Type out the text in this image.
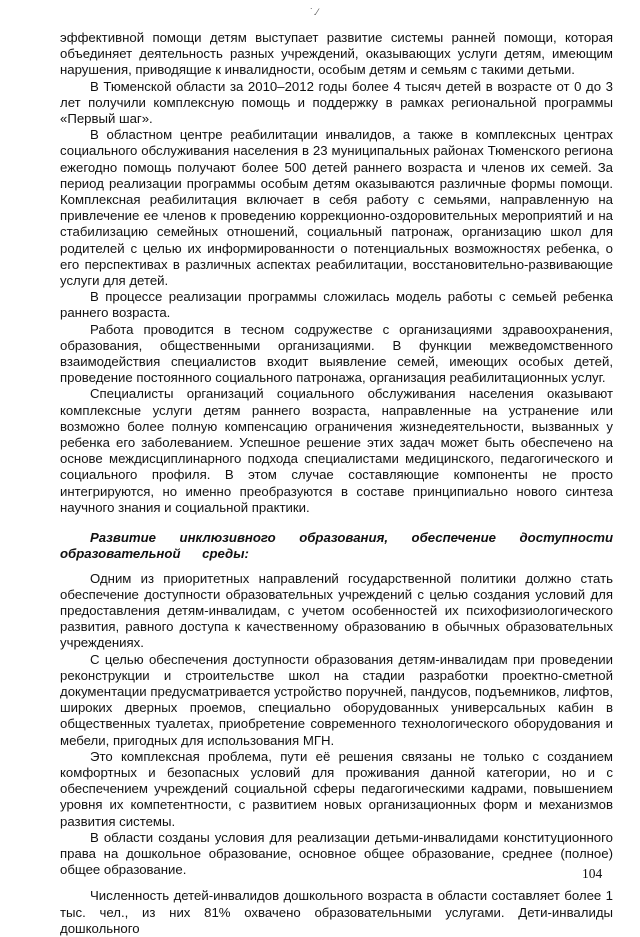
˙.⁄

эффективной помощи детям выступает развитие системы ранней помощи, которая объединяет деятельность разных учреждений, оказывающих услуги детям, имеющим нарушения, приводящие к инвалидности, особым детям и семьям с такими детьми.

В Тюменской области за 2010–2012 годы более 4 тысяч детей в возрасте от 0 до 3 лет получили комплексную помощь и поддержку в рамках региональной программы «Первый шаг».

В областном центре реабилитации инвалидов, а также в комплексных центрах социального обслуживания населения в 23 муниципальных районах Тюменского региона ежегодно помощь получают более 500 детей раннего возраста и членов их семей. За период реализации программы особым детям оказываются различные формы помощи. Комплексная реабилитация включает в себя работу с семьями, направленную на привлечение ее членов к проведению коррекционно-оздоровительных мероприятий и на стабилизацию семейных отношений, социальный патронаж, организацию школ для родителей с целью их информированности о потенциальных возможностях ребенка, о его перспективах в различных аспектах реабилитации, восстановительно-развивающие услуги для детей.

В процессе реализации программы сложилась модель работы с семьей ребенка раннего возраста.

Работа проводится в тесном содружестве с организациями здравоохранения, образования, общественными организациями. В функции межведомственного взаимодействия специалистов входит выявление семей, имеющих особых детей, проведение постоянного социального патронажа, организация реабилитационных услуг.

Специалисты организаций социального обслуживания населения оказывают комплексные услуги детям раннего возраста, направленные на устранение или возможно более полную компенсацию ограничения жизнедеятельности, вызванных у ребенка его заболеванием. Успешное решение этих задач может быть обеспечено на основе междисциплинарного подхода специалистами медицинского, педагогического и социального профиля. В этом случае составляющие компоненты не просто интегрируются, но именно преобразуются в составе принципиально нового синтеза научного знания и социальной практики.

Развитие инклюзивного образования, обеспечение доступности образовательной среды:

Одним из приоритетных направлений государственной политики должно стать обеспечение доступности образовательных учреждений с целью создания условий для предоставления детям-инвалидам, с учетом особенностей их психофизиологического развития, равного доступа к качественному образованию в обычных образовательных учреждениях.

С целью обеспечения доступности образования детям-инвалидам при проведении реконструкции и строительстве школ на стадии разработки проектно-сметной документации предусматривается устройство поручней, пандусов, подъемников, лифтов, широких дверных проемов, специально оборудованных универсальных кабин в общественных туалетах, приобретение современного технологического оборудования и мебели, пригодных для использования МГН.

Это комплексная проблема, пути её решения связаны не только с созданием комфортных и безопасных условий для проживания данной категории, но и с обеспечением учреждений социальной сферы педагогическими кадрами, повышением уровня их компетентности, с развитием новых организационных форм и механизмов развития системы.

В области созданы условия для реализации детьми-инвалидами конституционного права на дошкольное образование, основное общее образование, среднее (полное) общее образование.

Численность детей-инвалидов дошкольного возраста в области составляет более 1 тыс. чел., из них 81% охвачено образовательными услугами. Дети-инвалиды дошкольного

104
